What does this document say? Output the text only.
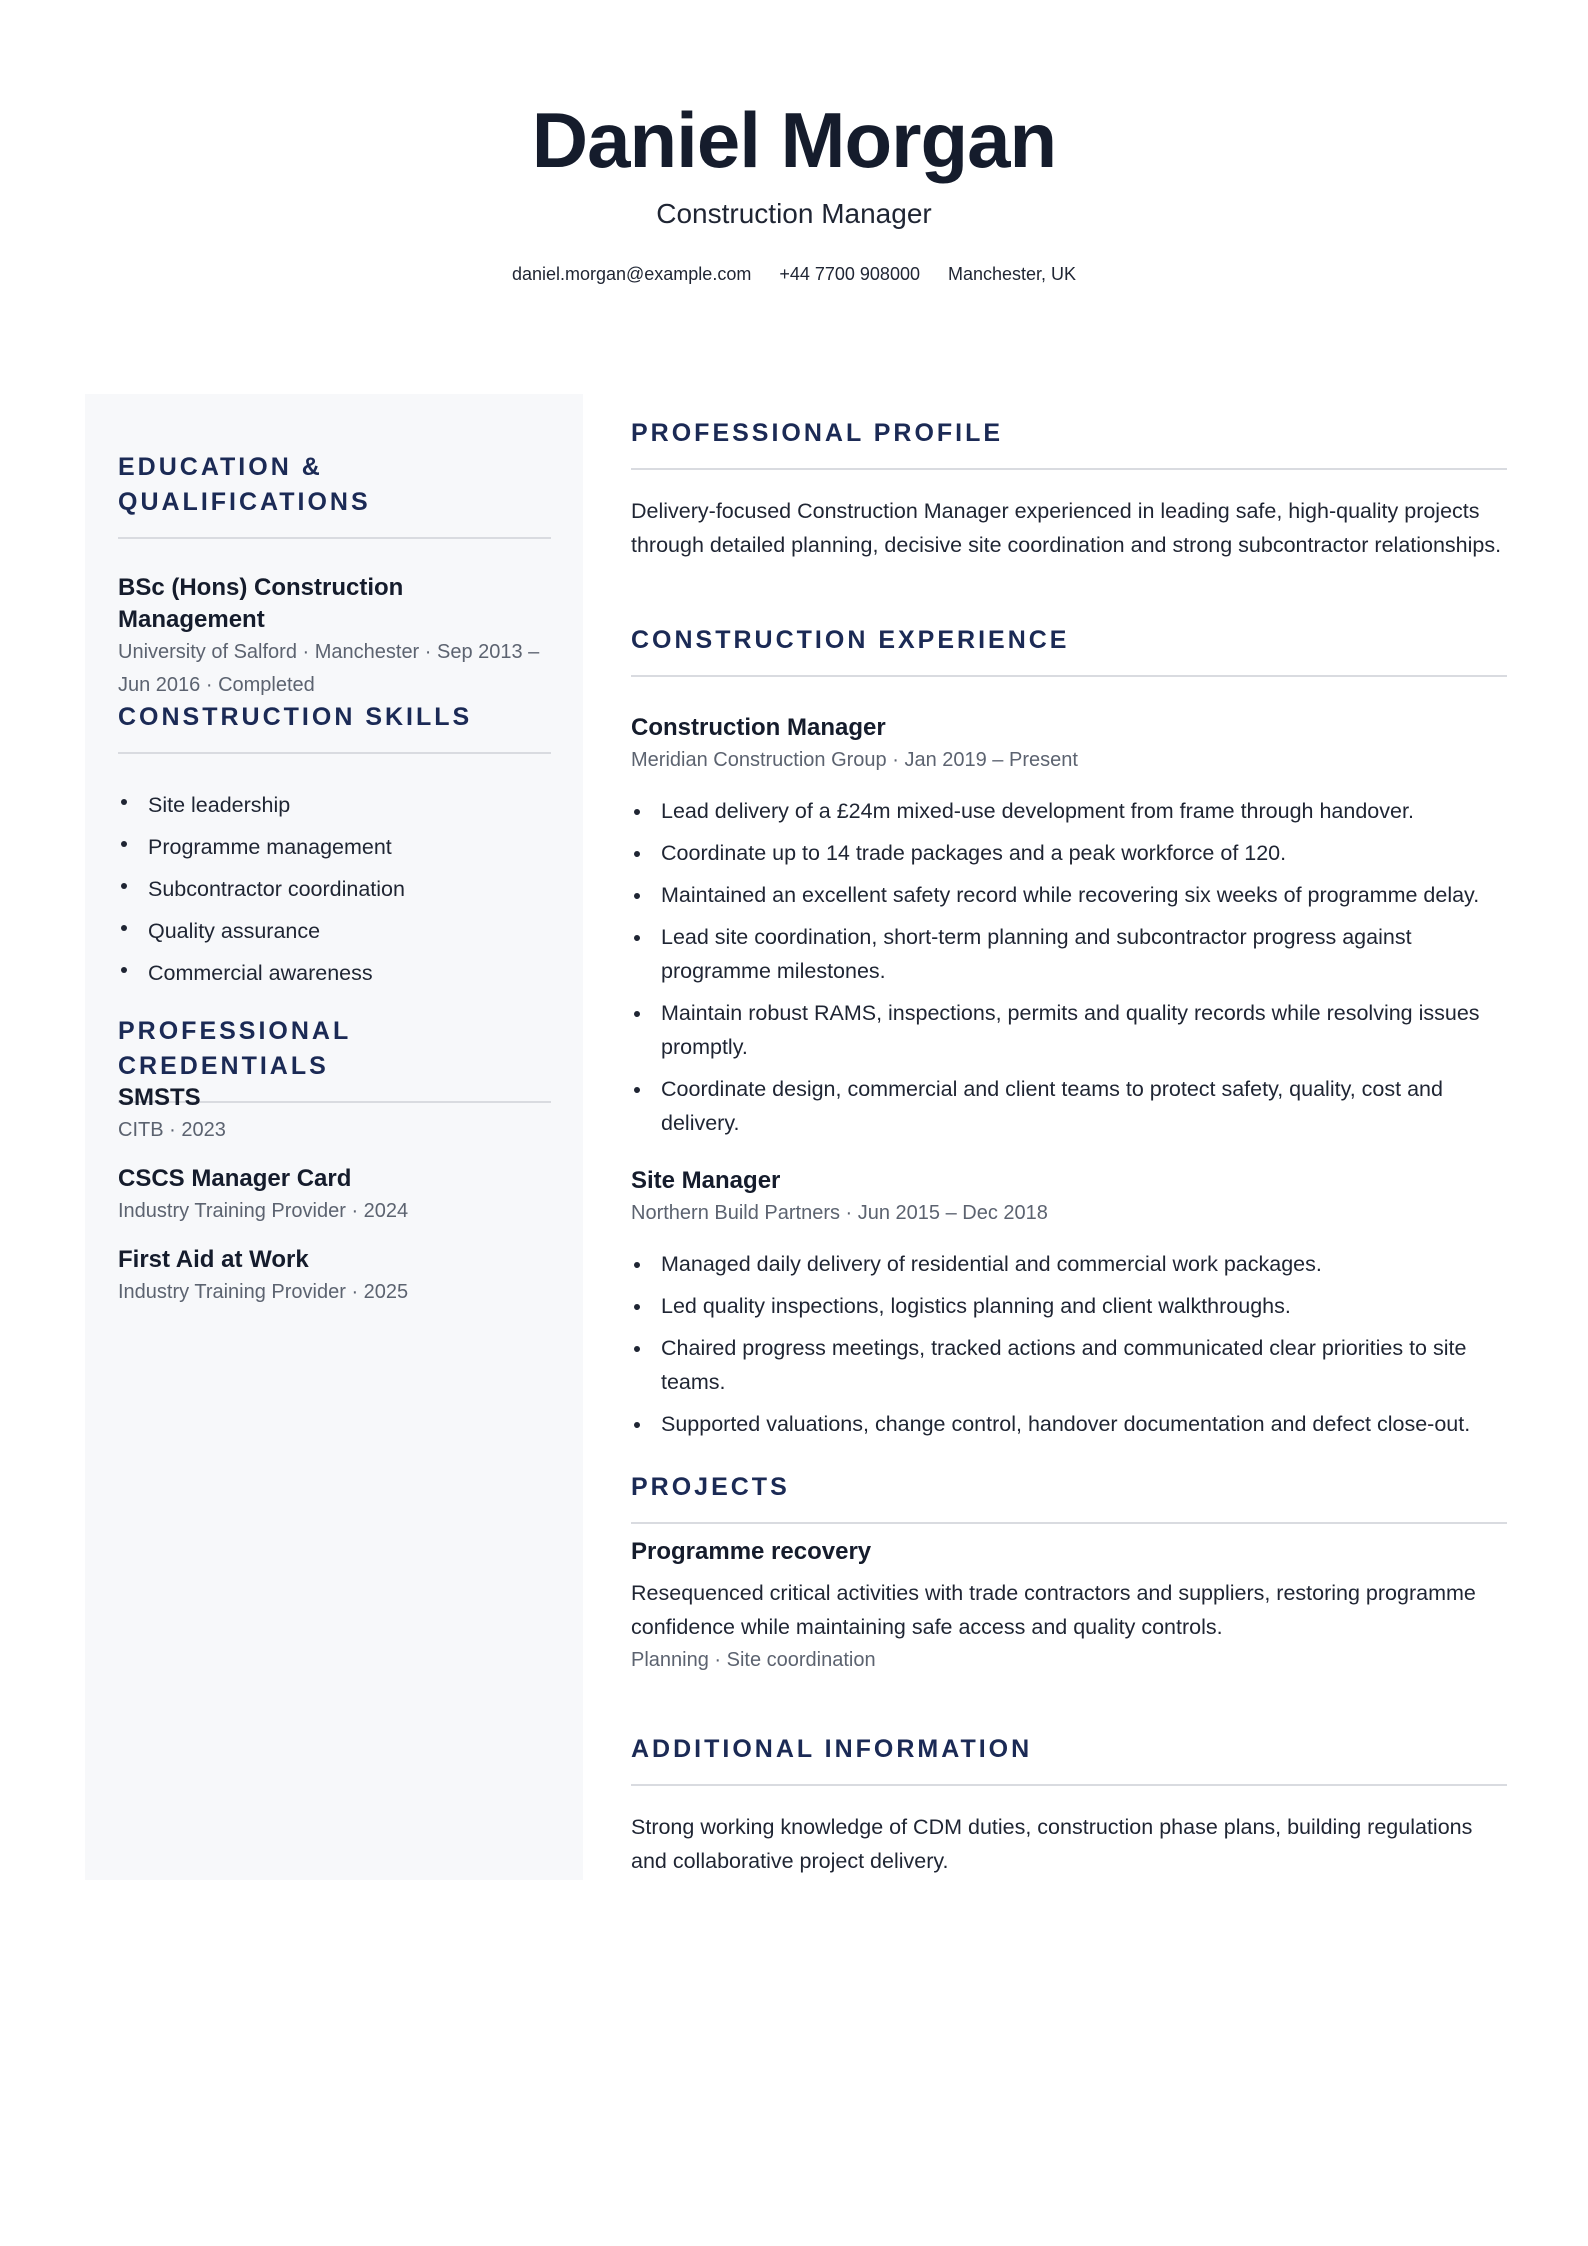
Daniel Morgan
Construction Manager
daniel.morgan@example.com +44 7700 908000 Manchester, UK
EDUCATION & QUALIFICATIONS

BSc (Hons) Construction Management

University of Salford · Manchester · Sep 2013 – Jun 2016 · Completed

CONSTRUCTION SKILLS
Site leadership
Programme management
Subcontractor coordination
Quality assurance
Commercial awareness
PROFESSIONAL CREDENTIALS

SMSTS

CITB · 2023

CSCS Manager Card

Industry Training Provider · 2024

First Aid at Work

Industry Training Provider · 2025

PROFESSIONAL PROFILE

Delivery-focused Construction Manager experienced in leading safe, high-quality projects through detailed planning, decisive site coordination and strong subcontractor relationships.

CONSTRUCTION EXPERIENCE

Construction Manager

Meridian Construction Group · Jan 2019 – Present

Lead delivery of a £24m mixed-use development from frame through handover.
Coordinate up to 14 trade packages and a peak workforce of 120.
Maintained an excellent safety record while recovering six weeks of programme delay.
Lead site coordination, short-term planning and subcontractor progress against programme milestones.
Maintain robust RAMS, inspections, permits and quality records while resolving issues promptly.
Coordinate design, commercial and client teams to protect safety, quality, cost and delivery.

Site Manager

Northern Build Partners · Jun 2015 – Dec 2018

Managed daily delivery of residential and commercial work packages.
Led quality inspections, logistics planning and client walkthroughs.
Chaired progress meetings, tracked actions and communicated clear priorities to site teams.
Supported valuations, change control, handover documentation and defect close-out.
PROJECTS

Programme recovery

Resequenced critical activities with trade contractors and suppliers, restoring programme confidence while maintaining safe access and quality controls.

Planning · Site coordination

ADDITIONAL INFORMATION

Strong working knowledge of CDM duties, construction phase plans, building regulations and collaborative project delivery.
